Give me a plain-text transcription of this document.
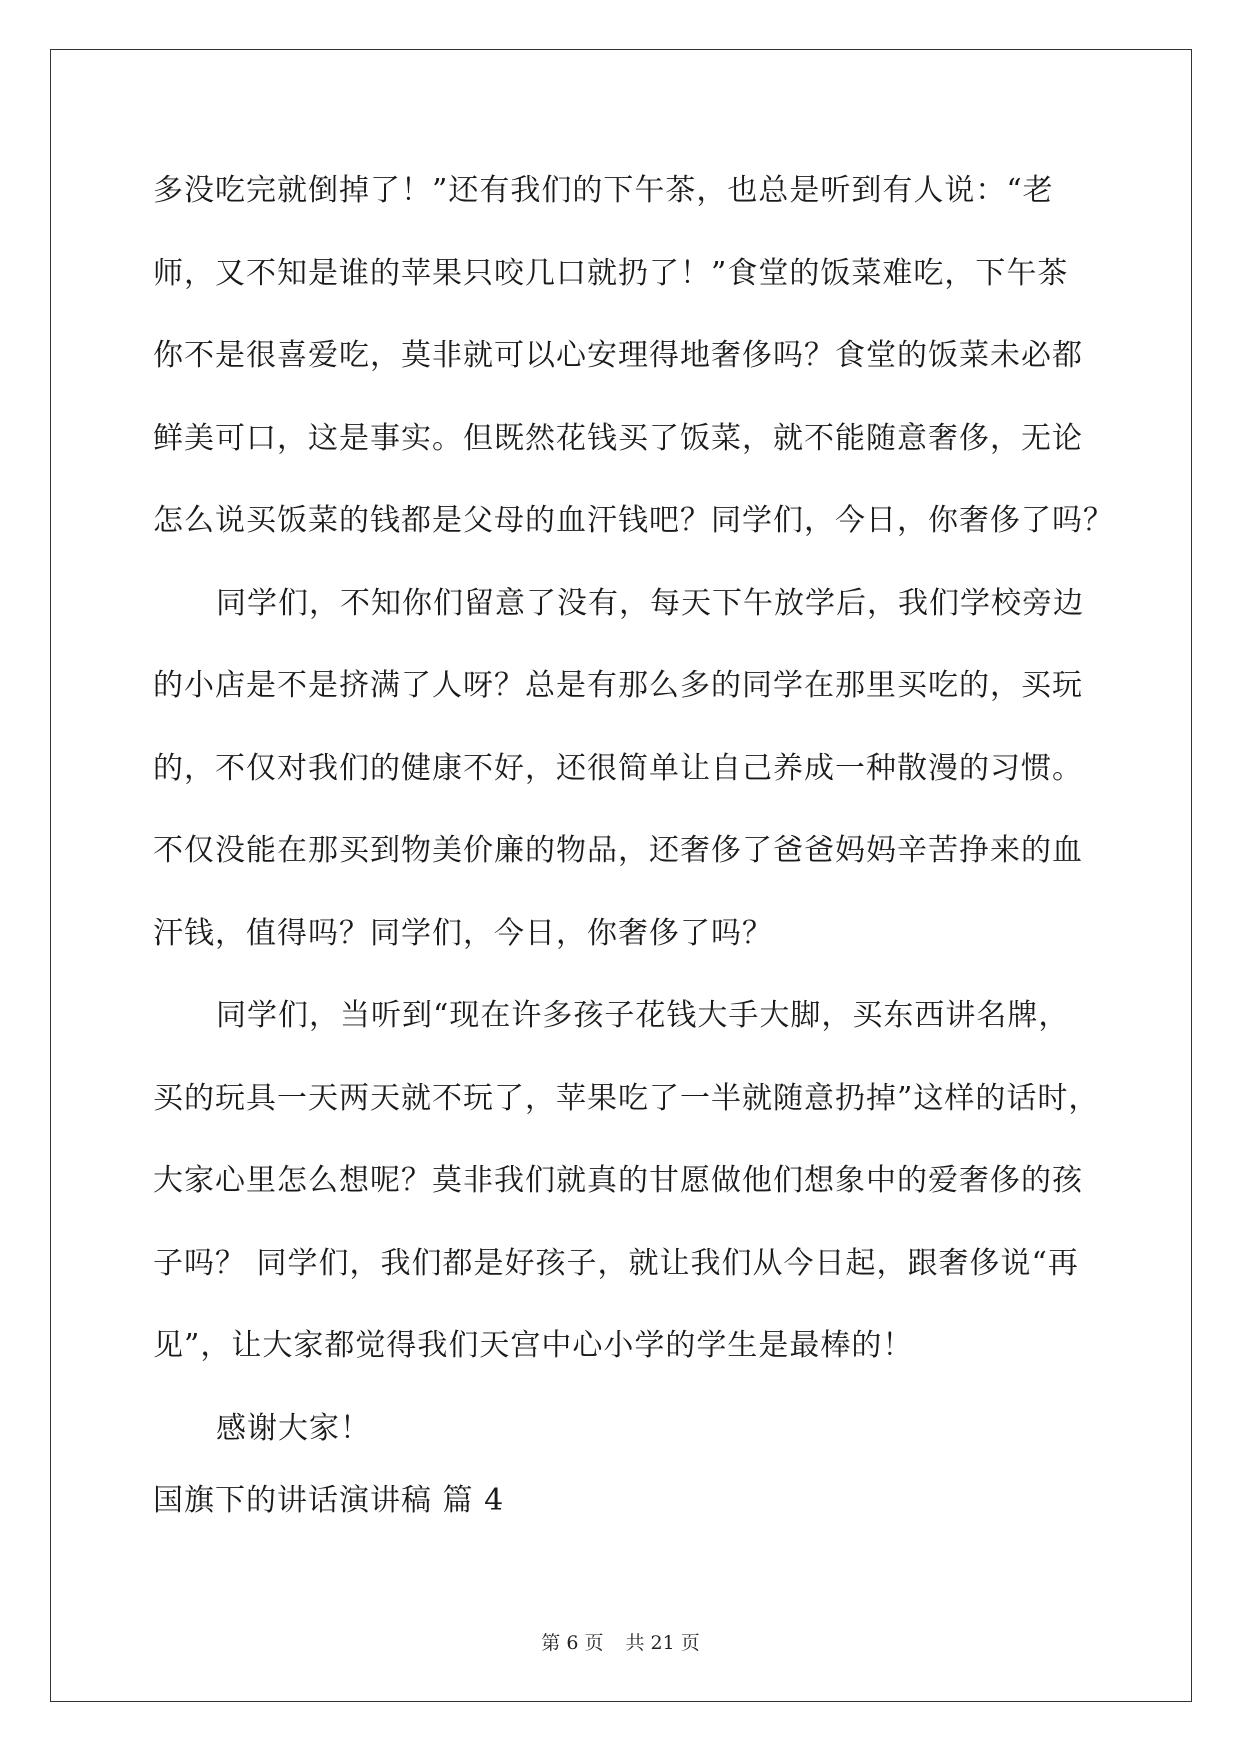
多没吃完就倒掉了！”还有我们的下午茶，也总是听到有人说：“老
师，又不知是谁的苹果只咬几口就扔了！”食堂的饭菜难吃，下午茶
你不是很喜爱吃，莫非就可以心安理得地奢侈吗？食堂的饭菜未必都
鲜美可口，这是事实。但既然花钱买了饭菜，就不能随意奢侈，无论
怎么说买饭菜的钱都是父母的血汗钱吧？同学们，今日，你奢侈了吗？
同学们，不知你们留意了没有，每天下午放学后，我们学校旁边
的小店是不是挤满了人呀？总是有那么多的同学在那里买吃的，买玩
的，不仅对我们的健康不好，还很简单让自己养成一种散漫的习惯。
不仅没能在那买到物美价廉的物品，还奢侈了爸爸妈妈辛苦挣来的血
汗钱，值得吗？同学们，今日，你奢侈了吗？
同学们，当听到“现在许多孩子花钱大手大脚，买东西讲名牌，
买的玩具一天两天就不玩了，苹果吃了一半就随意扔掉”这样的话时，
大家心里怎么想呢？莫非我们就真的甘愿做他们想象中的爱奢侈的孩
子吗？ 同学们，我们都是好孩子，就让我们从今日起，跟奢侈说“再
见”，让大家都觉得我们天宫中心小学的学生是最棒的！
感谢大家！
国旗下的讲话演讲稿 篇 4
第 6 页 共 21 页
